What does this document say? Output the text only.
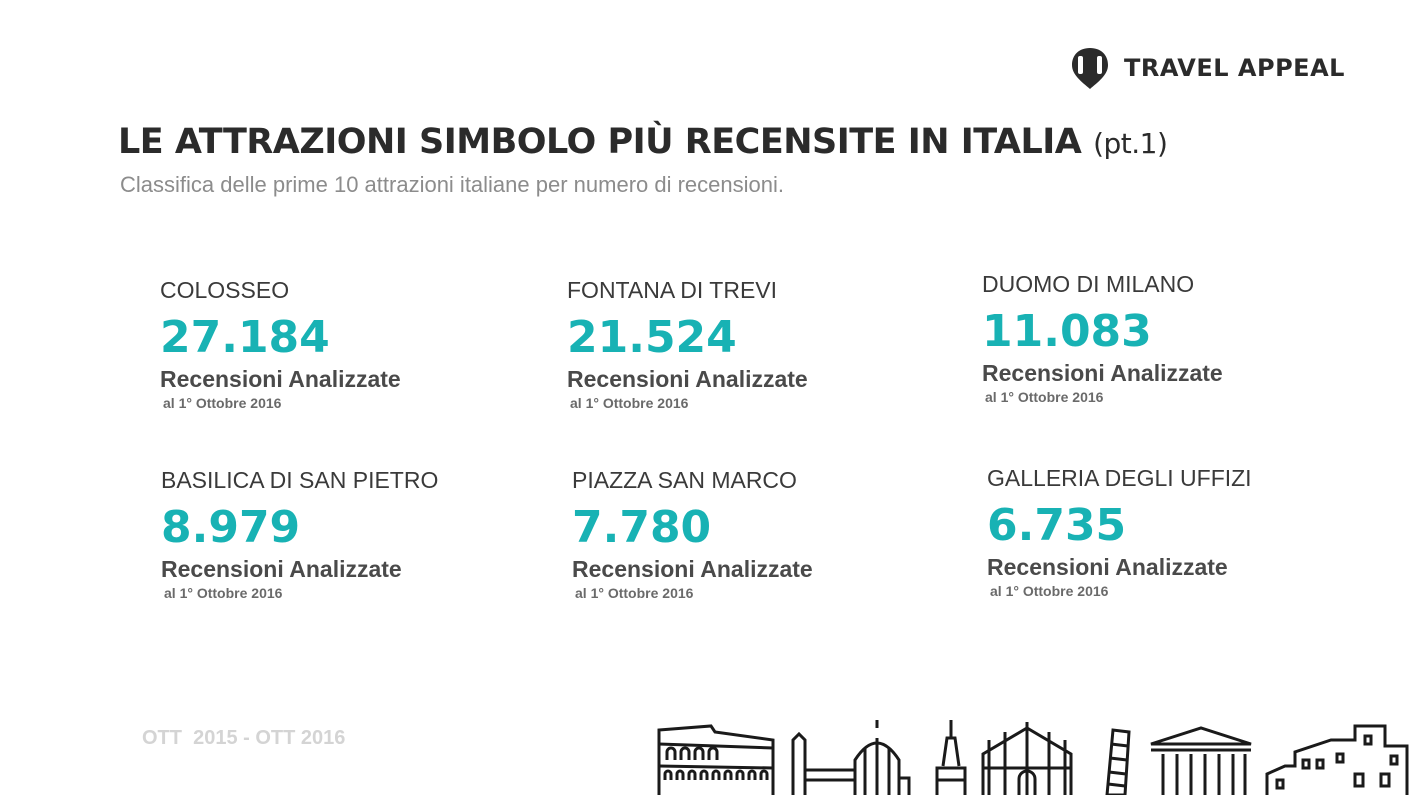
TRAVEL APPEAL
LE ATTRAZIONI SIMBOLO PIÙ RECENSITE IN ITALIA (pt.1)
Classifica delle prime 10 attrazioni italiane per numero di recensioni.
COLOSSEO
27.184
Recensioni Analizzate
al 1° Ottobre 2016
FONTANA DI TREVI
21.524
Recensioni Analizzate
al 1° Ottobre 2016
DUOMO DI MILANO
11.083
Recensioni Analizzate
al 1° Ottobre 2016
BASILICA DI SAN PIETRO
8.979
Recensioni Analizzate
al 1° Ottobre 2016
PIAZZA SAN MARCO
7.780
Recensioni Analizzate
al 1° Ottobre 2016
GALLERIA DEGLI UFFIZI
6.735
Recensioni Analizzate
al 1° Ottobre 2016
OTT  2015 - OTT 2016
